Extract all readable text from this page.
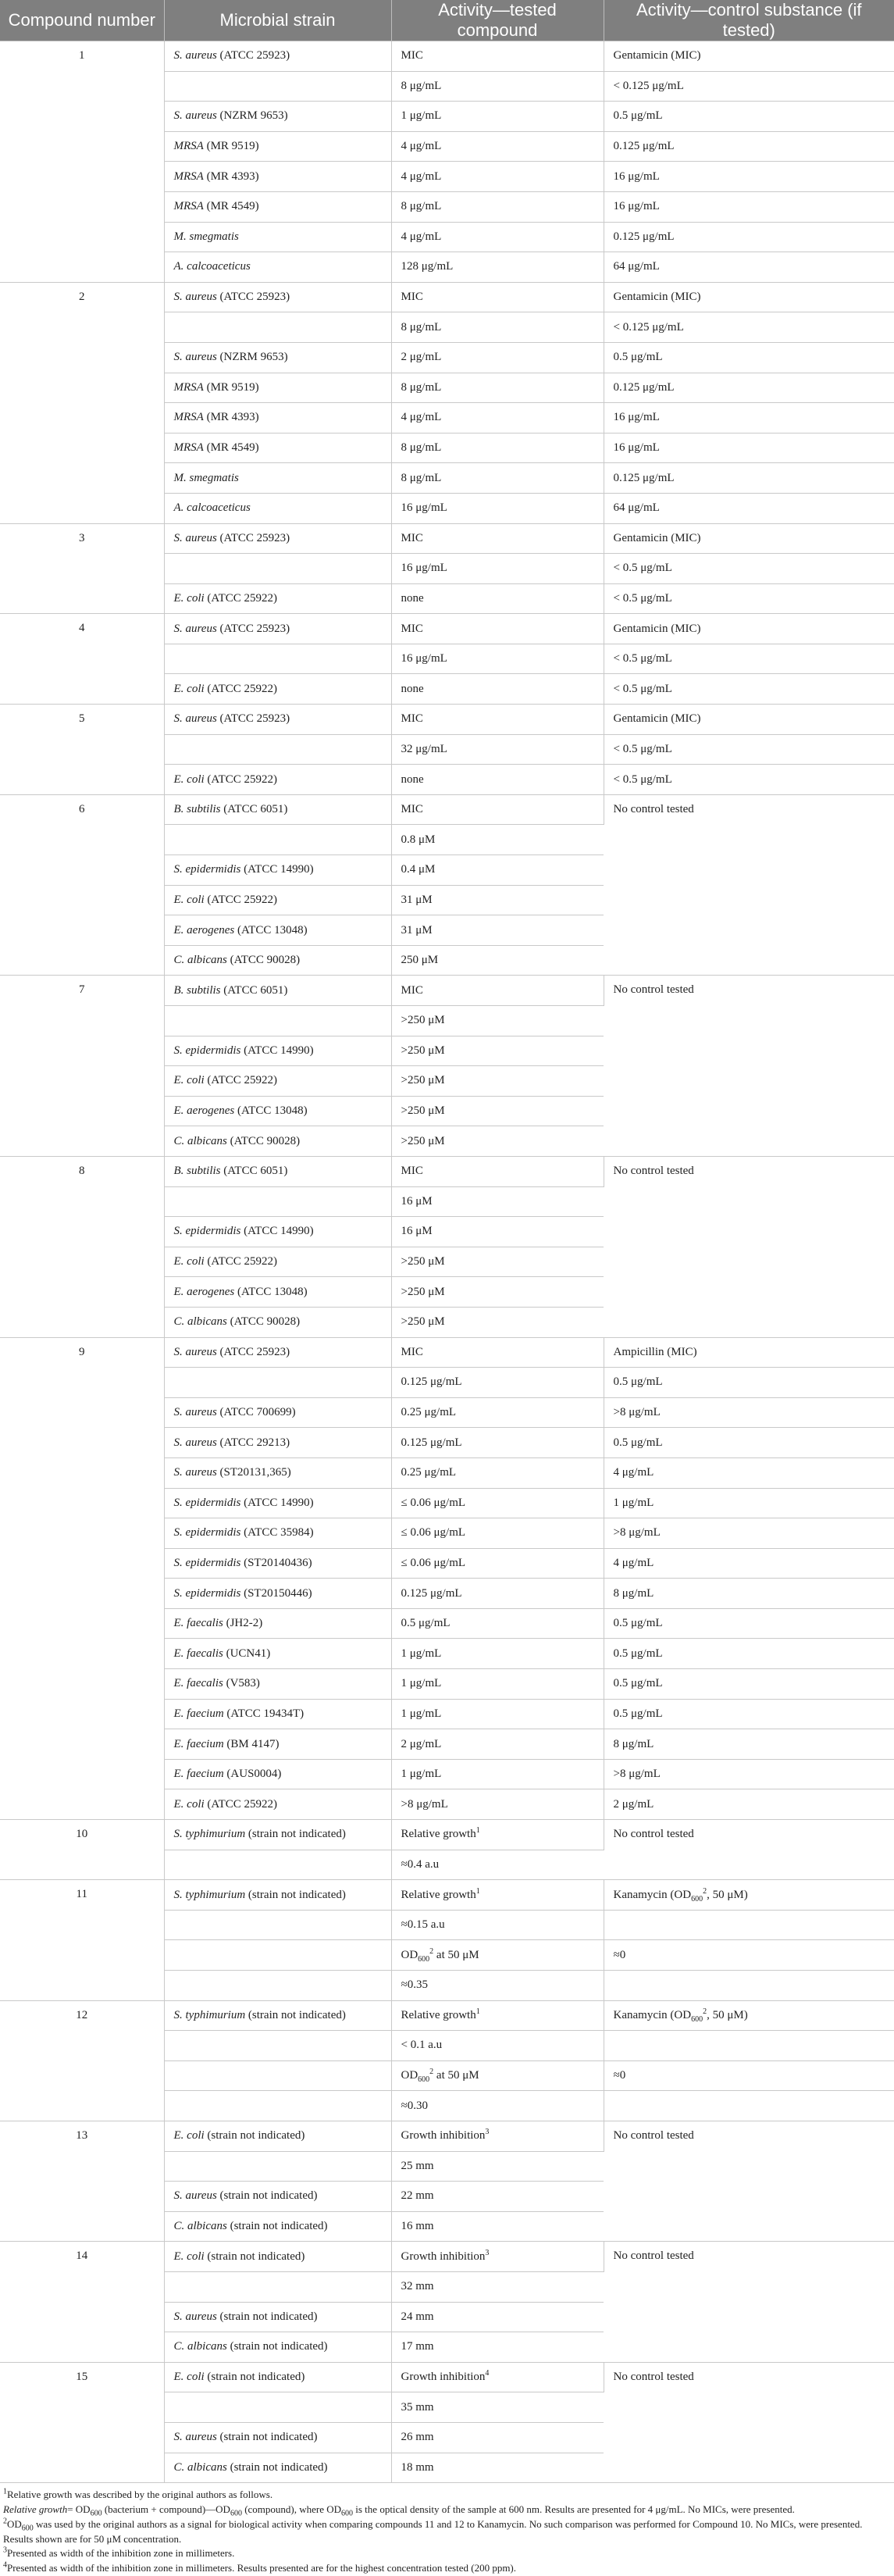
Compound number	Microbial strain	Activity—tested compound	Activity—control substance (if tested)
1	S. aureus (ATCC 25923)	MIC	Gentamicin (MIC)
		8 μg/mL	< 0.125 μg/mL
	S. aureus (NZRM 9653)	1 μg/mL	0.5 μg/mL
	MRSA (MR 9519)	4 μg/mL	0.125 μg/mL
	MRSA (MR 4393)	4 μg/mL	16 μg/mL
	MRSA (MR 4549)	8 μg/mL	16 μg/mL
	M. smegmatis	4 μg/mL	0.125 μg/mL
	A. calcoaceticus	128 μg/mL	64 μg/mL
2	S. aureus (ATCC 25923)	MIC	Gentamicin (MIC)
		8 μg/mL	< 0.125 μg/mL
	S. aureus (NZRM 9653)	2 μg/mL	0.5 μg/mL
	MRSA (MR 9519)	8 μg/mL	0.125 μg/mL
	MRSA (MR 4393)	4 μg/mL	16 μg/mL
	MRSA (MR 4549)	8 μg/mL	16 μg/mL
	M. smegmatis	8 μg/mL	0.125 μg/mL
	A. calcoaceticus	16 μg/mL	64 μg/mL
3	S. aureus (ATCC 25923)	MIC	Gentamicin (MIC)
		16 μg/mL	< 0.5 μg/mL
	E. coli (ATCC 25922)	none	< 0.5 μg/mL
4	S. aureus (ATCC 25923)	MIC	Gentamicin (MIC)
		16 μg/mL	< 0.5 μg/mL
	E. coli (ATCC 25922)	none	< 0.5 μg/mL
5	S. aureus (ATCC 25923)	MIC	Gentamicin (MIC)
		32 μg/mL	< 0.5 μg/mL
	E. coli (ATCC 25922)	none	< 0.5 μg/mL
6	B. subtilis (ATCC 6051)	MIC	No control tested
		0.8 μM	
	S. epidermidis (ATCC 14990)	0.4 μM	
	E. coli (ATCC 25922)	31 μM	
	E. aerogenes (ATCC 13048)	31 μM	
	C. albicans (ATCC 90028)	250 μM	
7	B. subtilis (ATCC 6051)	MIC	No control tested
		>250 μM	
	S. epidermidis (ATCC 14990)	>250 μM	
	E. coli (ATCC 25922)	>250 μM	
	E. aerogenes (ATCC 13048)	>250 μM	
	C. albicans (ATCC 90028)	>250 μM	
8	B. subtilis (ATCC 6051)	MIC	No control tested
		16 μM	
	S. epidermidis (ATCC 14990)	16 μM	
	E. coli (ATCC 25922)	>250 μM	
	E. aerogenes (ATCC 13048)	>250 μM	
	C. albicans (ATCC 90028)	>250 μM	
9	S. aureus (ATCC 25923)	MIC	Ampicillin (MIC)
		0.125 μg/mL	0.5 μg/mL
	S. aureus (ATCC 700699)	0.25 μg/mL	>8 μg/mL
	S. aureus (ATCC 29213)	0.125 μg/mL	0.5 μg/mL
	S. aureus (ST20131,365)	0.25 μg/mL	4 μg/mL
	S. epidermidis (ATCC 14990)	≤ 0.06 μg/mL	1 μg/mL
	S. epidermidis (ATCC 35984)	≤ 0.06 μg/mL	>8 μg/mL
	S. epidermidis (ST20140436)	≤ 0.06 μg/mL	4 μg/mL
	S. epidermidis (ST20150446)	0.125 μg/mL	8 μg/mL
	E. faecalis (JH2-2)	0.5 μg/mL	0.5 μg/mL
	E. faecalis (UCN41)	1 μg/mL	0.5 μg/mL
	E. faecalis (V583)	1 μg/mL	0.5 μg/mL
	E. faecium (ATCC 19434T)	1 μg/mL	0.5 μg/mL
	E. faecium (BM 4147)	2 μg/mL	8 μg/mL
	E. faecium (AUS0004)	1 μg/mL	>8 μg/mL
	E. coli (ATCC 25922)	>8 μg/mL	2 μg/mL
10	S. typhimurium (strain not indicated)	Relative growth$^1$	No control tested
		≈0.4 a.u	
11	S. typhimurium (strain not indicated)	Relative growth$^1$	Kanamycin ($OD_{600}^2$, 50 μM)
		≈0.15 a.u	
		$OD_{600}^2$ at 50 μM	≈0
		≈0.35	
12	S. typhimurium (strain not indicated)	Relative growth$^1$	Kanamycin ($OD_{600}^2$, 50 μM)
		< 0.1 a.u	
		$OD_{600}^2$ at 50 μM	≈0
		≈0.30	
13	E. coli (strain not indicated)	Growth inhibition$^3$	No control tested
		25 mm	
	S. aureus (strain not indicated)	22 mm	
	C. albicans (strain not indicated)	16 mm	
14	E. coli (strain not indicated)	Growth inhibition$^3$	No control tested
		32 mm	
	S. aureus (strain not indicated)	24 mm	
	C. albicans (strain not indicated)	17 mm	
15	E. coli (strain not indicated)	Growth inhibition$^4$	No control tested
		35 mm	
	S. aureus (strain not indicated)	26 mm	
	C. albicans (strain not indicated)	18 mm	
$^1$Relative growth was described by the original authors as follows.
Relative growth= $OD_{600}$ (bacterium + $compound)—OD_{600}$ (compound), where $OD_{600}$ is the optical density of the sample at 600 nm. Results are presented for 4 μg/mL. No MICs, were presented.
$^2OD_{600}$ was used by the original authors as a signal for biological activity when comparing compounds 11 and 12 to Kanamycin. No such comparison was performed for Compound 10. No MICs, were presented. Results shown are for 50 μM concentration.
$^3$Presented as width of the inhibition zone in millimeters.
$^4$Presented as width of the inhibition zone in millimeters. Results presented are for the highest concentration tested (200 ppm).
